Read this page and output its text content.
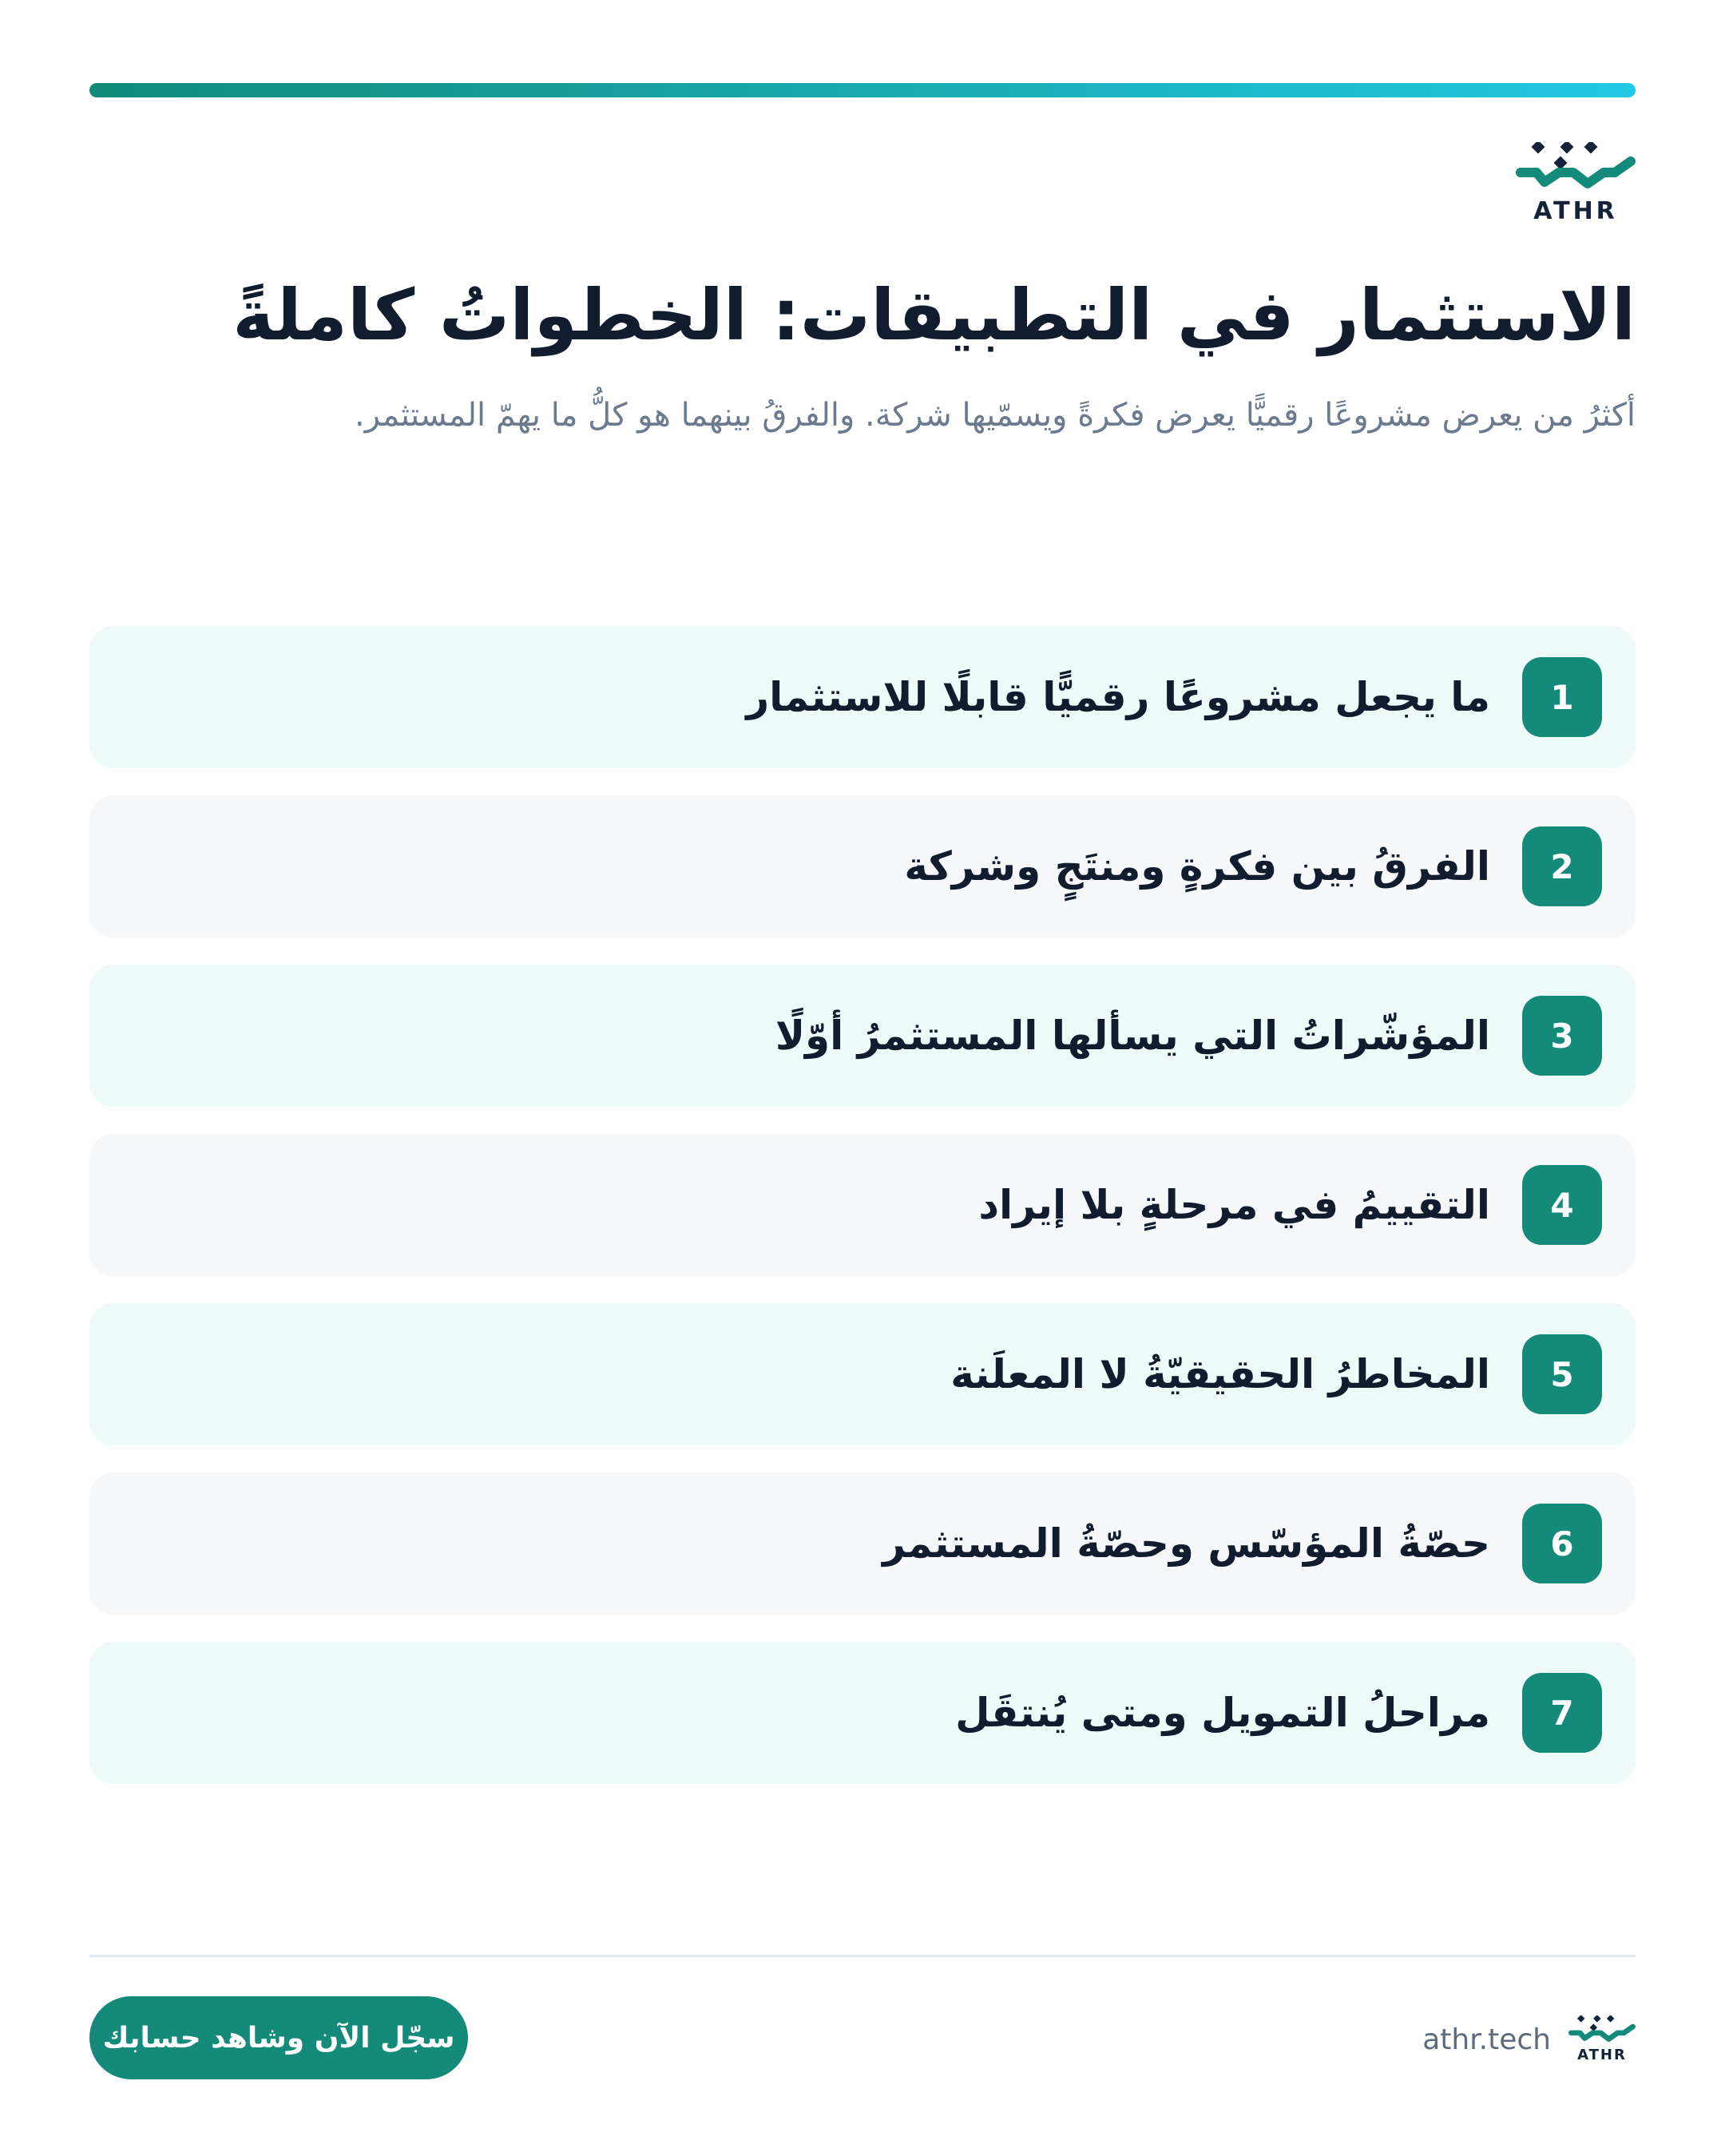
ATHR
الاستثمار في التطبيقات: الخطواتُ كاملةً

أكثرُ من يعرض مشروعًا رقميًّا يعرض فكرةً ويسمّيها شركة. والفرقُ بينهما هو كلُّ ما يهمّ المستثمر.

1
ما يجعل مشروعًا رقميًّا قابلًا للاستثمار
2
الفرقُ بين فكرةٍ ومنتَجٍ وشركة
3
المؤشّراتُ التي يسألها المستثمرُ أوّلًا
4
التقييمُ في مرحلةٍ بلا إيراد
5
المخاطرُ الحقيقيّةُ لا المعلَنة
6
حصّةُ المؤسّس وحصّةُ المستثمر
7
مراحلُ التمويل ومتى يُنتقَل
سجّل الآن وشاهد حسابك	athr.tech	ATHR
